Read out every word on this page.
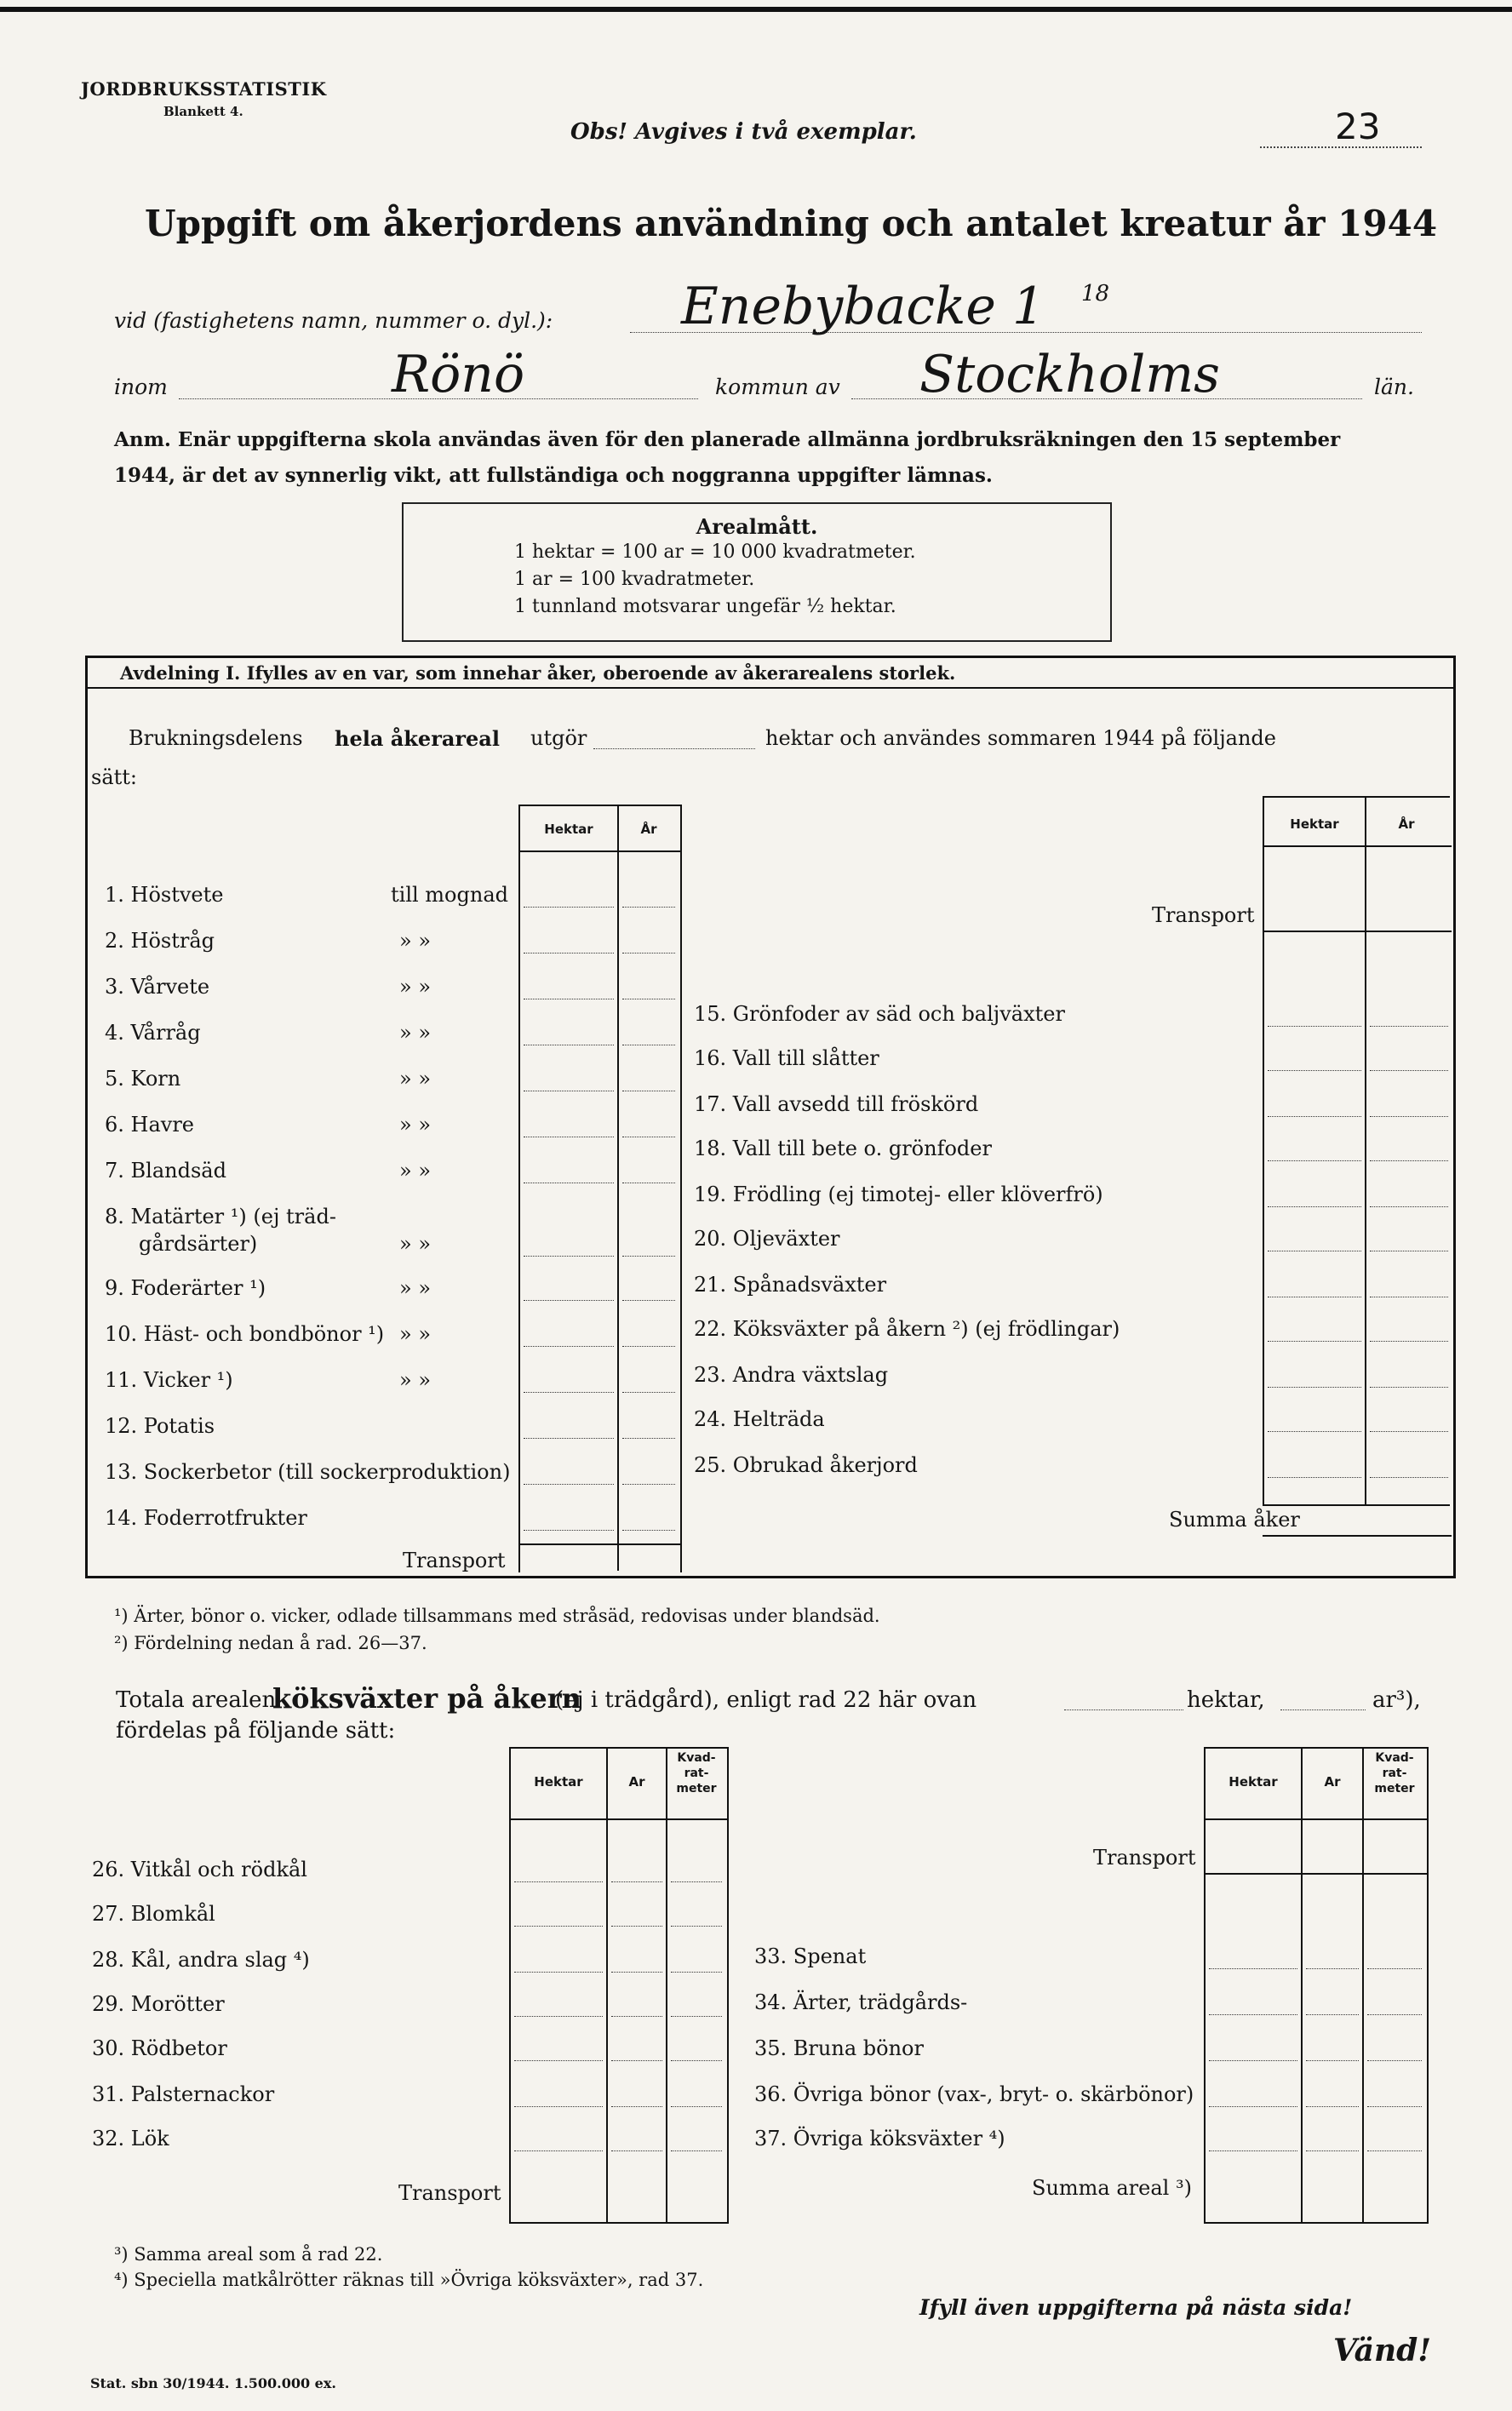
JORDBRUKSSTATISTIK
Blankett 4.
Obs! Avgives i två exemplar.	23
Uppgift om åkerjordens användning och antalet kreatur år 1944
vid (fastighetens namn, nummer o. dyl.):	Enebybacke 1 18
inom	Rönö	kommun av Stockholms	län.
Anm. Enär uppgifterna skola användas även för den planerade allmänna jordbruksräkningen den 15 september
1944, är det av synnerlig vikt, att fullständiga och noggranna uppgifter lämnas.
Arealmått.
1 hektar = 100 ar = 10 000 kvadratmeter.
1 ar = 100 kvadratmeter.
1 tunnland motsvarar ungefär ½ hektar.
Avdelning I. Ifylles av en var, som innehar åker, oberoende av åkerarealens storlek.
Brukningsdelens hela åkerareal utgör	hektar och användes sommaren 1944 på följande
sätt:
Hektar	År
1. Höstvete	till mognad
2. Höstråg	» »
3. Vårvete	» »
4. Vårråg	» »
5. Korn	» »
6. Havre	» »
7. Blandsäd	» »
8. Matärter ¹) (ej träd-
gårdsärter)	» »
9. Foderärter ¹)	» »
10. Häst- och bondbönor ¹) » »
11. Vicker ¹)	» »
12. Potatis
13. Sockerbetor (till sockerproduktion)
14. Foderrotfrukter
Transport
Hektar	År
Transport
15. Grönfoder av säd och baljväxter
16. Vall till slåtter
17. Vall avsedd till fröskörd
18. Vall till bete o. grönfoder
19. Frödling (ej timotej- eller klöverfrö)
20. Oljeväxter
21. Spånadsväxter
22. Köksväxter på åkern ²) (ej frödlingar)
23. Andra växtslag
24. Helträda
25. Obrukad åkerjord
Summa åker
¹) Ärter, bönor o. vicker, odlade tillsammans med stråsäd, redovisas under blandsäd.
²) Fördelning nedan å rad. 26—37.
Totala arealen
köksväxter på åkern
(ej i trädgård), enligt rad 22 här ovan	hektar,	ar³),
fördelas på följande sätt:
Hektar	Ar
Kvad-rat-meter
26. Vitkål och rödkål
27. Blomkål
28. Kål, andra slag ⁴)
29. Morötter
30. Rödbetor
31. Palsternackor
32. Lök
Transport
Hektar	Ar
Kvad-rat-meter
Transport
33. Spenat
34. Ärter, trädgårds-
35. Bruna bönor
36. Övriga bönor (vax-, bryt- o. skärbönor)
37. Övriga köksväxter ⁴)
Summa areal ³)
³) Samma areal som å rad 22.
⁴) Speciella matkålrötter räknas till »Övriga köksväxter», rad 37.
Ifyll även uppgifterna på nästa sida!
Vänd!
Stat. sbn 30/1944. 1.500.000 ex.
